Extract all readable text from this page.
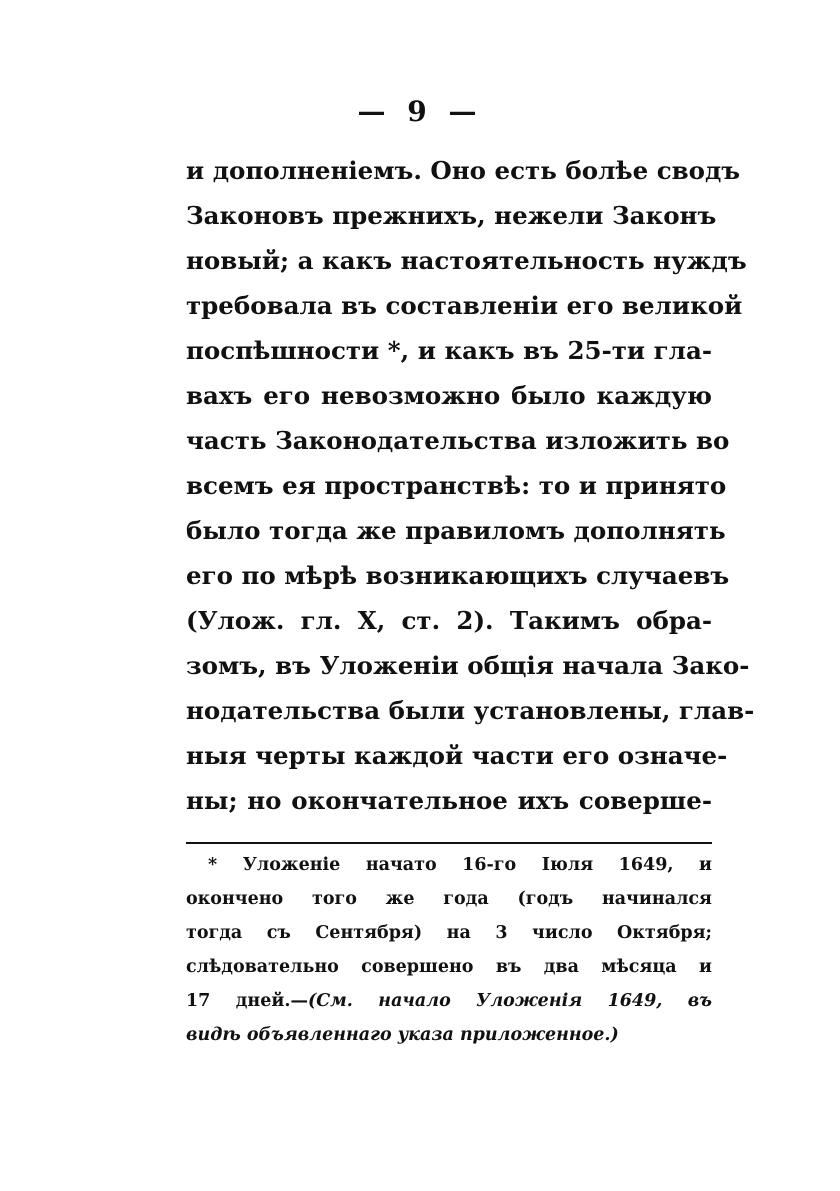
— 9 —
и дополненіемъ. Оно есть болѣе сводъ
Законовъ прежнихъ, нежели Законъ
новый; а какъ настоятельность нуждъ
требовала въ составленіи его великой
поспѣшности *, и какъ въ 25-ти гла-
вахъ его невозможно было каждую
часть Законодательства изложить во
всемъ ея пространствѣ: то и принято
было тогда же правиломъ дополнять
его по мѣрѣ возникающихъ случаевъ
(Улож. гл. X, ст. 2). Такимъ обра-
зомъ, въ Уложеніи общія начала Зако-
нодательства были установлены, глав-
ныя черты каждой части его означе-
ны; но окончательное ихъ соверше-
* Уложеніе начато 16-го Іюля 1649, и
окончено того же года (годъ начинался
тогда съ Сентября) на 3 число Октября;
слѣдовательно совершено въ два мѣсяца и
17 дней.—(См. начало Уложенія 1649, въ
видѣ объявленнаго указа приложенное.)
